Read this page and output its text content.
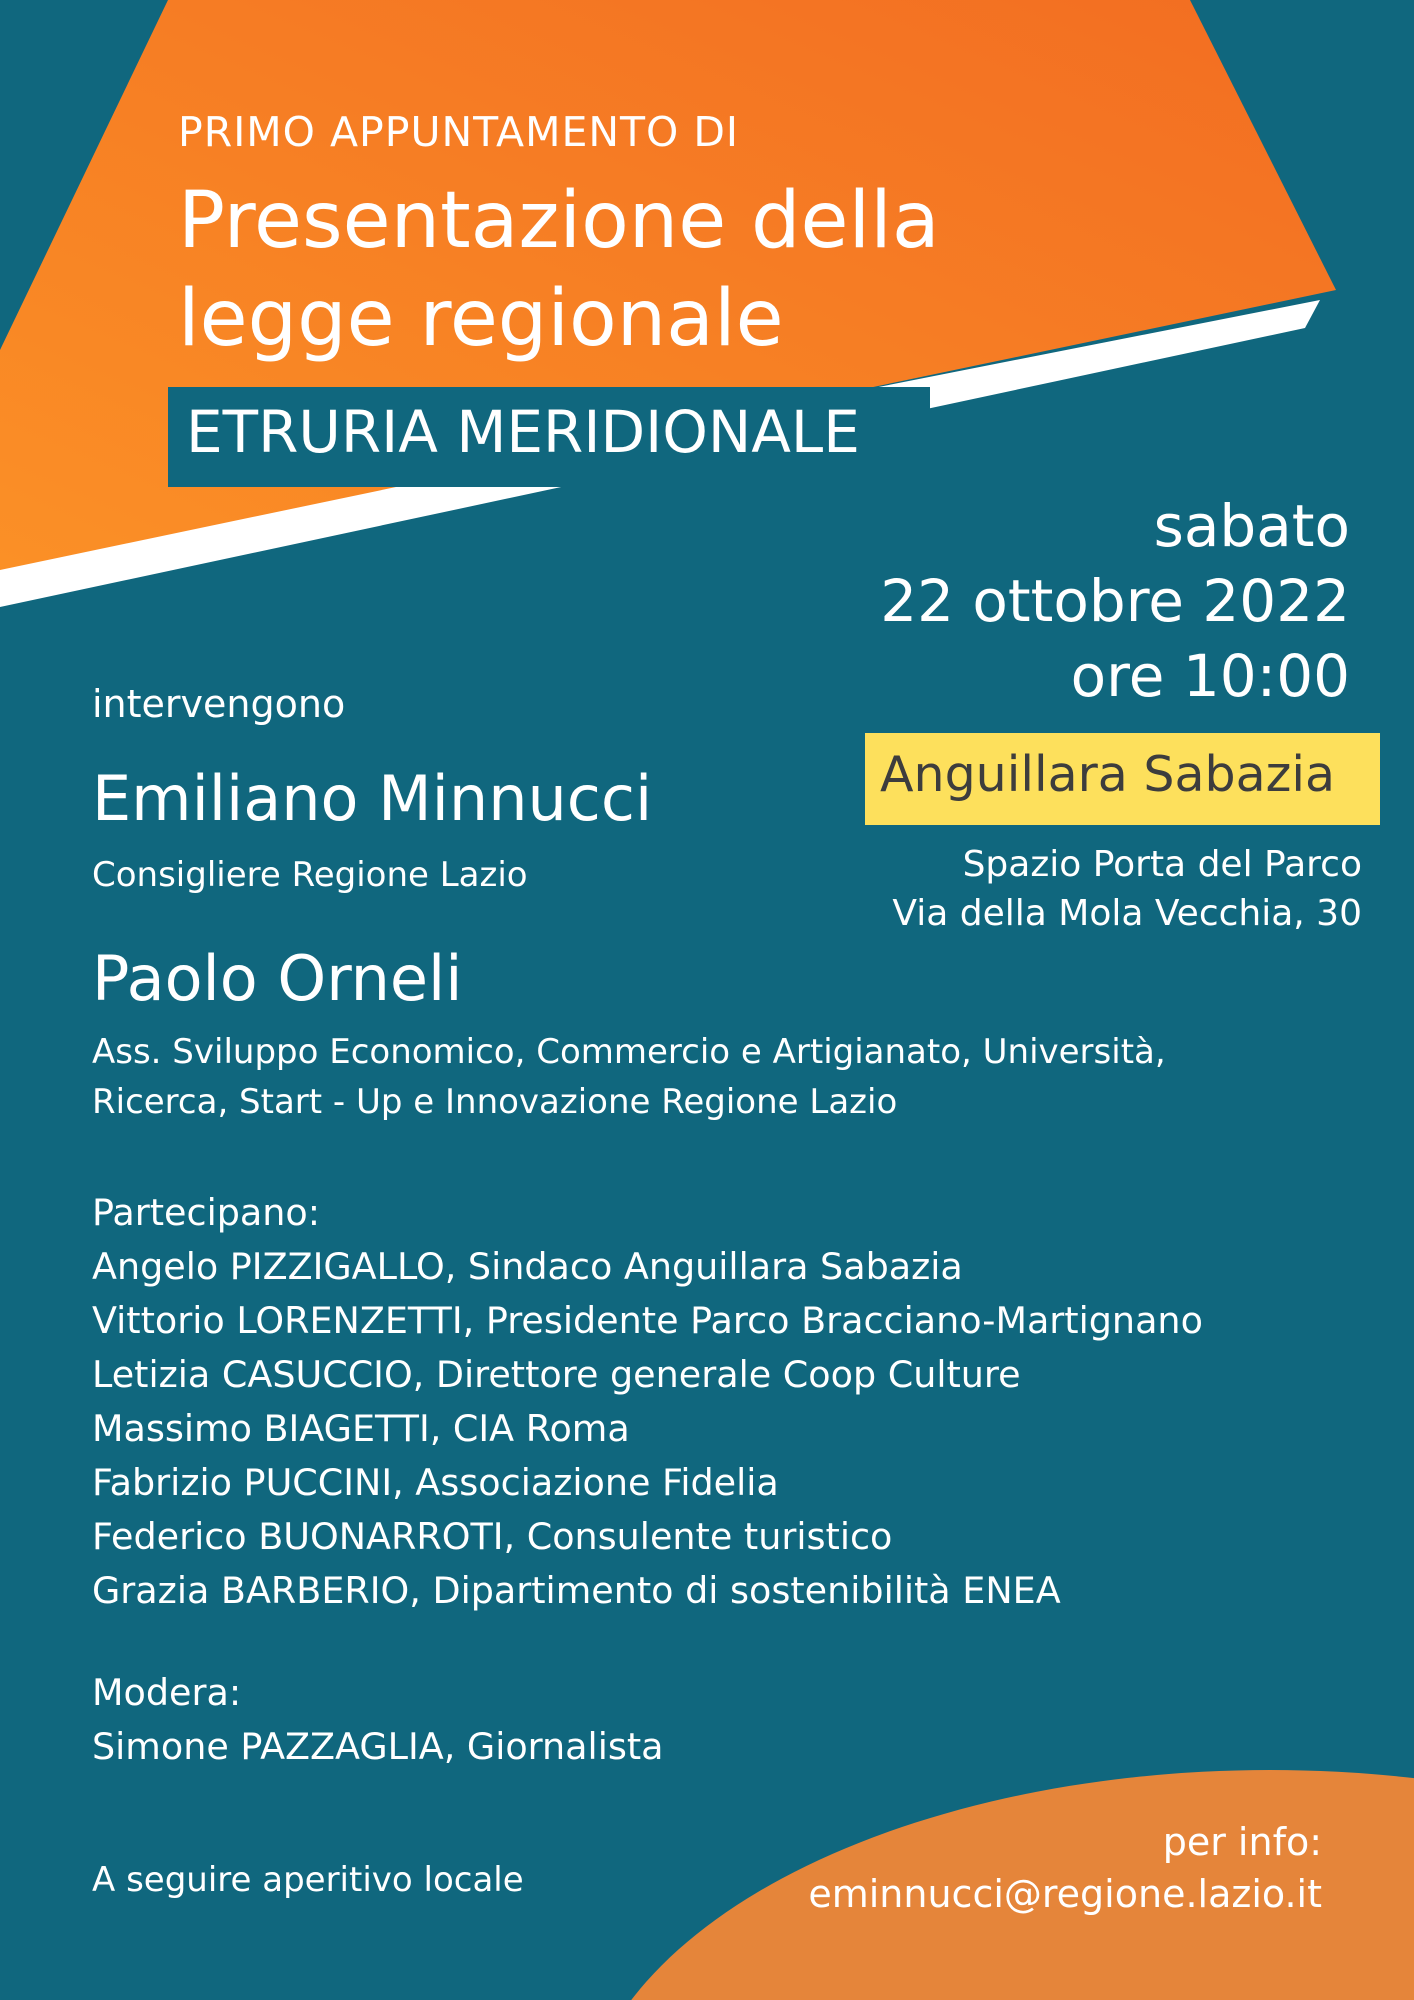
PRIMO APPUNTAMENTO DI
Presentazione della
legge regionale
ETRURIA MERIDIONALE
sabato
22 ottobre 2022
ore 10:00
Anguillara Sabazia
Spazio Porta del Parco
Via della Mola Vecchia, 30
intervengono
Emiliano Minnucci
Consigliere Regione Lazio
Paolo Orneli
Ass. Sviluppo Economico, Commercio e Artigianato, Università,
Ricerca, Start - Up e Innovazione Regione Lazio
Partecipano:
Angelo PIZZIGALLO, Sindaco Anguillara Sabazia
Vittorio LORENZETTI, Presidente Parco Bracciano-Martignano
Letizia CASUCCIO, Direttore generale Coop Culture
Massimo BIAGETTI, CIA Roma
Fabrizio PUCCINI, Associazione Fidelia
Federico BUONARROTI, Consulente turistico
Grazia BARBERIO, Dipartimento di sostenibilità ENEA
Modera:
Simone PAZZAGLIA, Giornalista
A seguire aperitivo locale
per info:
eminnucci@regione.lazio.it
